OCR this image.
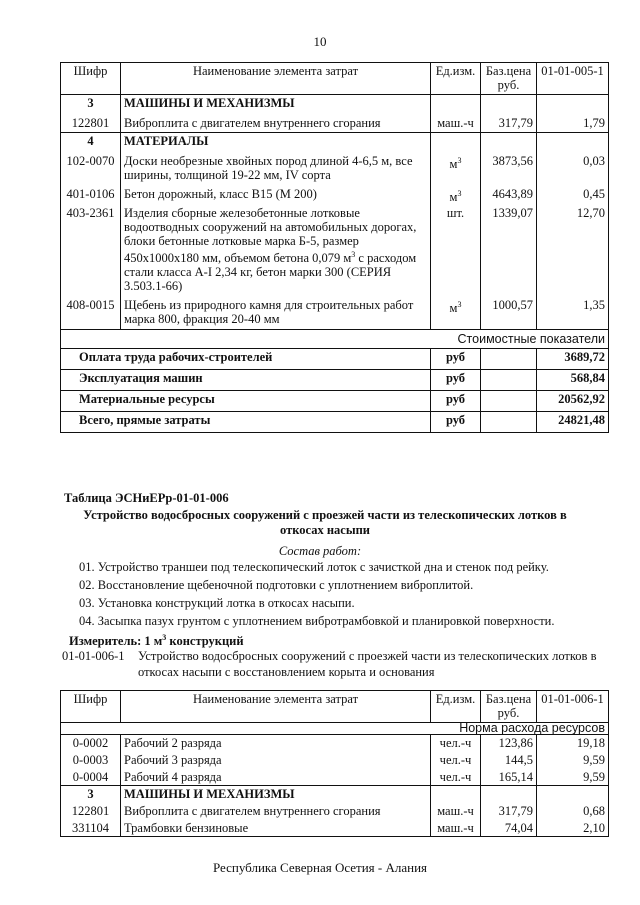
10
Шифр	Наименование элемента затрат	Ед.изм.	Баз.цена руб.	01-01-005-1
3	МАШИНЫ И МЕХАНИЗМЫ			
122801	Виброплита с двигателем внутреннего сгорания	маш.-ч	317,79	1,79
4	МАТЕРИАЛЫ			
102-0070	Доски необрезные хвойных пород длиной 4-6,5 м, все ширины, толщиной 19-22 мм, IV сорта	$м^3$	3873,56	0,03
401-0106	Бетон дорожный, класс В15 (М 200)	$м^3$	4643,89	0,45
403-2361	Изделия сборные железобетонные лотковые водоотводных сооружений на автомобильных дорогах, блоки бетонные лотковые марка Б-5, размер 450х1000х180 мм, объемом бетона 0,079 $м^3$ с расходом стали класса А-I 2,34 кг, бетон марки 300 (СЕРИЯ 3.503.1-66)	шт.	1339,07	12,70
408-0015	Щебень из природного камня для строительных работ марка 800, фракция 20-40 мм	$м^3$	1000,57	1,35
Стоимостные показатели				
Оплата труда рабочих-строителей		руб		3689,72
Эксплуатация машин		руб		568,84
Материальные ресурсы		руб		20562,92
Всего, прямые затраты		руб		24821,48
Таблица ЭСНиЕРр-01-01-006
Устройство водосбросных сооружений с проезжей части из телескопических лотков в откосах насыпи
Состав работ:
01. Устройство траншеи под телескопический лоток с зачисткой дна и стенок под рейку.
02. Восстановление щебеночной подготовки с уплотнением виброплитой.
03. Установка конструкций лотка в откосах насыпи.
04. Засыпка пазух грунтом с уплотнением вибротрамбовкой и планировкой поверхности.
Измеритель: 1 $м^3$ конструкций
01-01-006-1 Устройство водосбросных сооружений с проезжей части из телескопических лотков в откосах насыпи с восстановлением корыта и основания
Шифр	Наименование элемента затрат	Ед.изм.	Баз.цена руб.	01-01-006-1
Норма расхода ресурсов				
0-0002	Рабочий 2 разряда	чел.-ч	123,86	19,18
0-0003	Рабочий 3 разряда	чел.-ч	144,5	9,59
0-0004	Рабочий 4 разряда	чел.-ч	165,14	9,59
3	МАШИНЫ И МЕХАНИЗМЫ			
122801	Виброплита с двигателем внутреннего сгорания	маш.-ч	317,79	0,68
331104	Трамбовки бензиновые	маш.-ч	74,04	2,10
Республика Северная Осетия - Алания
